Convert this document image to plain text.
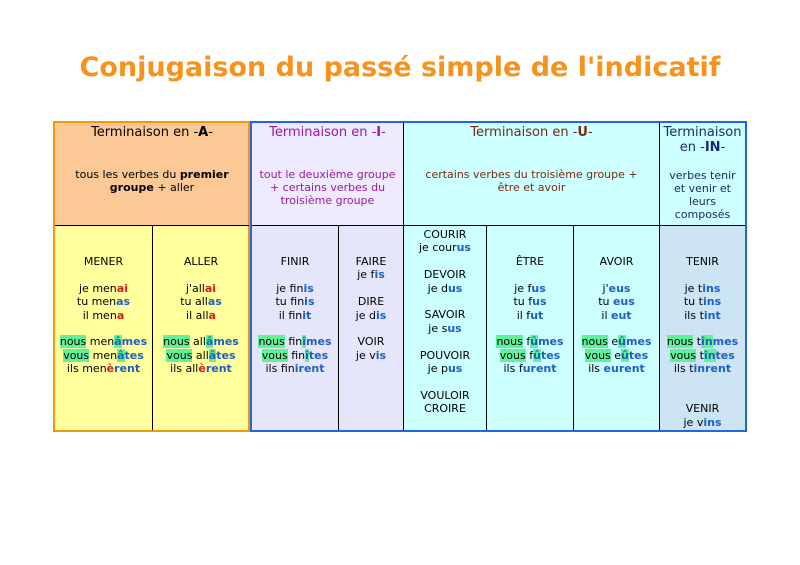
Conjugaison du passé simple de l'indicatif
Terminaison en -A-
tous les verbes du premier groupe + aller
MENER
je menai
tu menas
il mena
nous menâmes
vous menâtes
ils menèrent
ALLER
j'allai
tu allas
il alla
nous allâmes
vous allâtes
ils allèrent
Terminaison en -I-
tout le deuxième groupe + certains verbes du troisième groupe
Terminaison en -U-
certains verbes du troisième groupe + être et avoir
Terminaison
en -IN-
verbes tenir et venir et leurs composés
FINIR
je finis
tu finis
il finit
nous finîmes
vous finîtes
ils finirent
FAIRE
je fis
DIRE
je dis
VOIR
je vis
COURIR
je courus
DEVOIR
je dus
SAVOIR
je sus
POUVOIR
je pus
VOULOIR
CROIRE
ÊTRE
je fus
tu fus
il fut
nous fûmes
vous fûtes
ils furent
AVOIR
j'eus
tu eus
il eut
nous eûmes
vous eûtes
ils eurent
TENIR
je tins
tu tins
ils tint
nous tînmes
vous tîntes
ils tinrent
VENIR
je vins
